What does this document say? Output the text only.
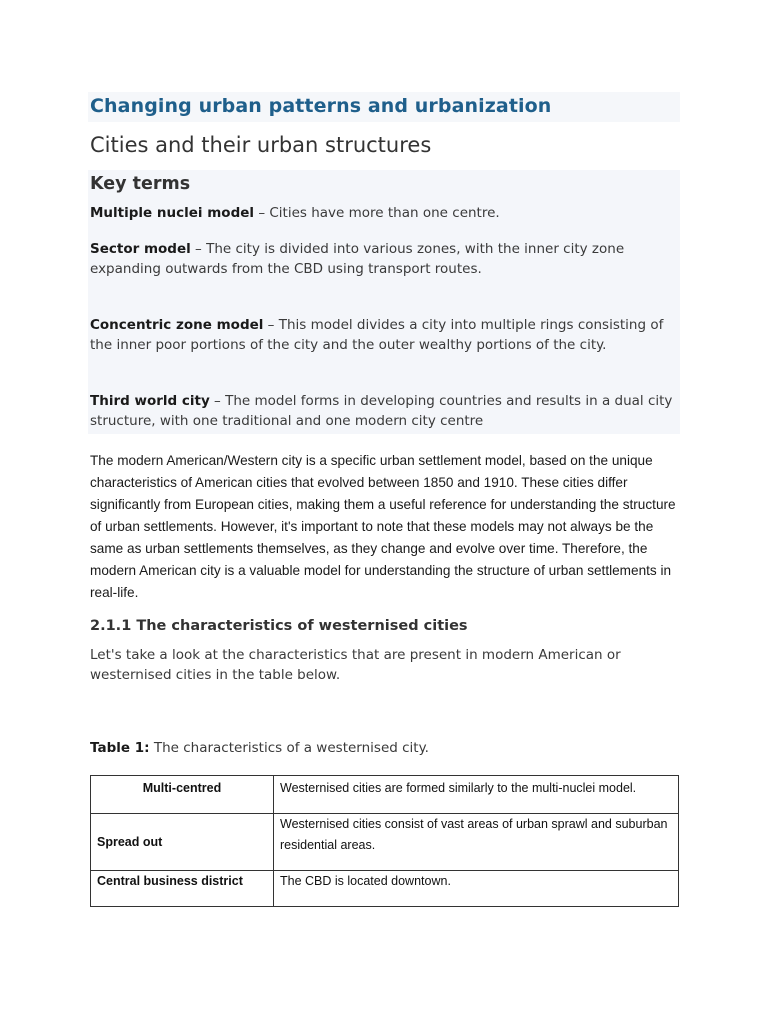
Changing urban patterns and urbanization
Cities and their urban structures
Key terms

Multiple nuclei model – Cities have more than one centre.

Sector model – The city is divided into various zones, with the inner city zone expanding outwards from the CBD using transport routes.

Concentric zone model – This model divides a city into multiple rings consisting of the inner poor portions of the city and the outer wealthy portions of the city.

Third world city – The model forms in developing countries and results in a dual city structure, with one traditional and one modern city centre

The modern American/Western city is a specific urban settlement model, based on the unique characteristics of American cities that evolved between 1850 and 1910. These cities differ significantly from European cities, making them a useful reference for understanding the structure of urban settlements. However, it's important to note that these models may not always be the same as urban settlements themselves, as they change and evolve over time. Therefore, the modern American city is a valuable model for understanding the structure of urban settlements in real-life.

2.1.1 The characteristics of westernised cities

Let's take a look at the characteristics that are present in modern American or westernised cities in the table below.

Table 1: The characteristics of a westernised city.

Multi-centred	Westernised cities are formed similarly to the multi-nuclei model.
Spread out	Westernised cities consist of vast areas of urban sprawl and suburban residential areas.
Central business district	The CBD is located downtown.
